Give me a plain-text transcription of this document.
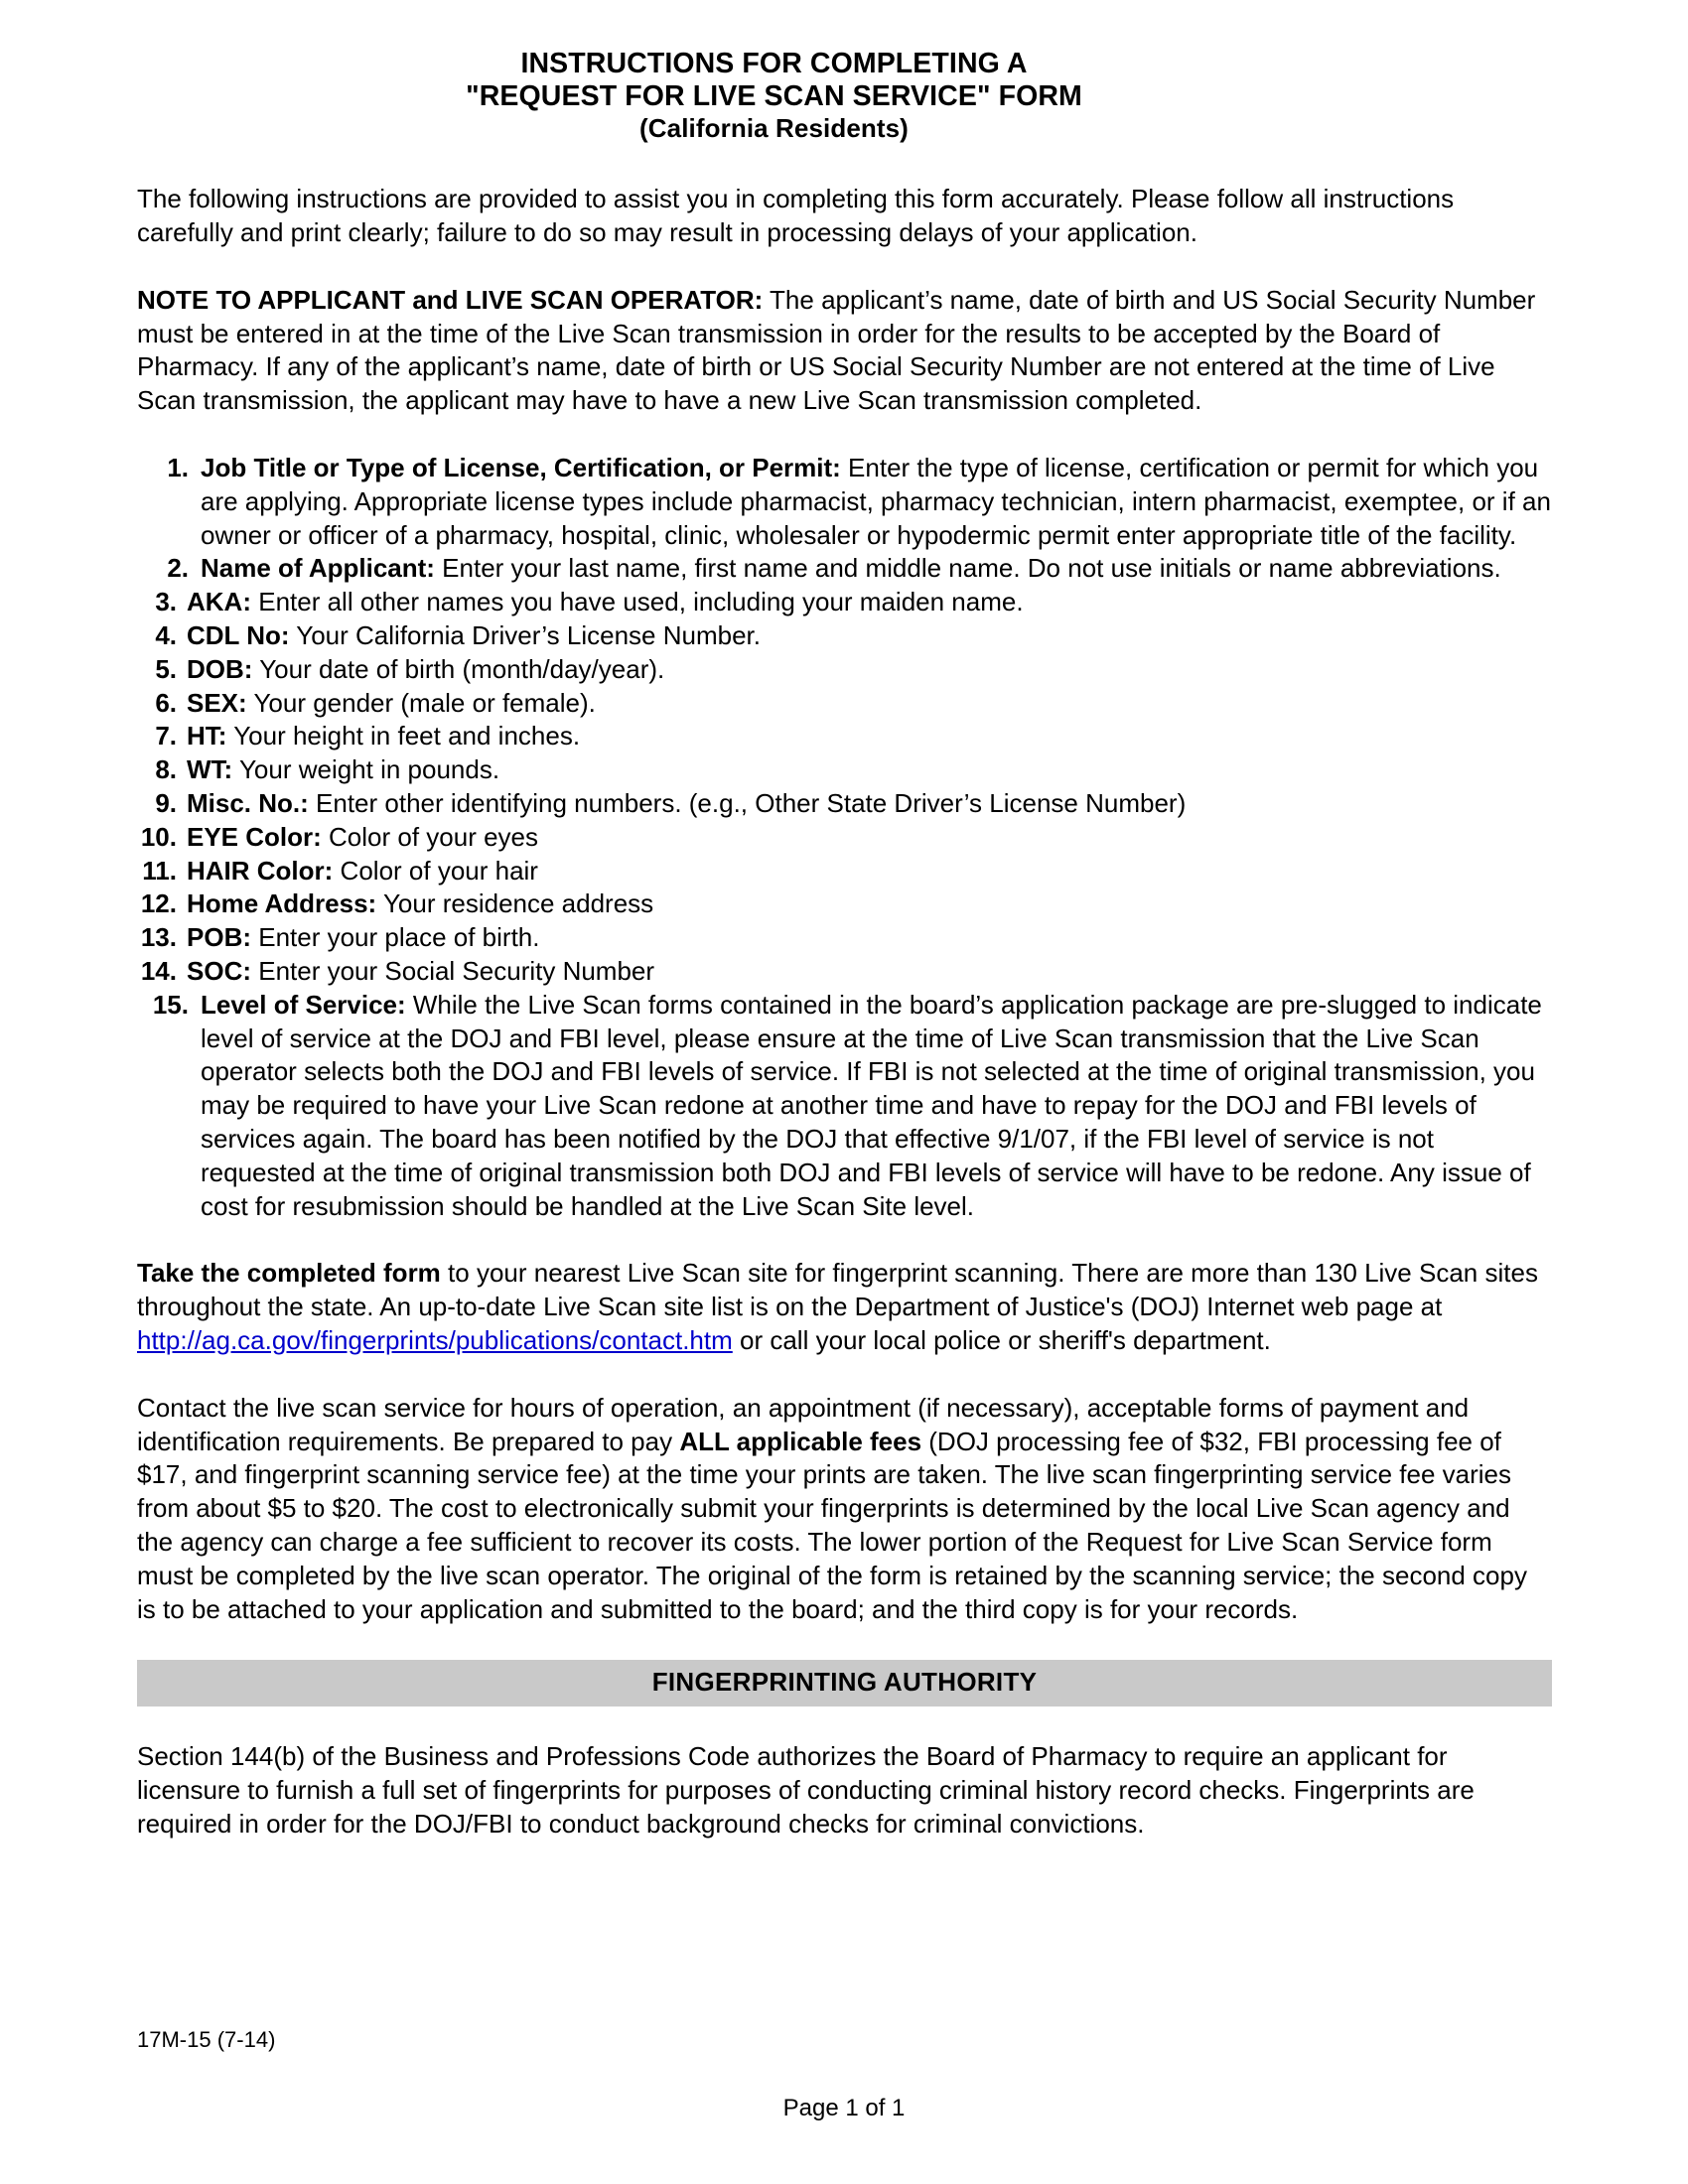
INSTRUCTIONS FOR COMPLETING A
"REQUEST FOR LIVE SCAN SERVICE" FORM
(California Residents)

The following instructions are provided to assist you in completing this form accurately. Please follow all instructions carefully and print clearly; failure to do so may result in processing delays of your application.

NOTE TO APPLICANT and LIVE SCAN OPERATOR: The applicant’s name, date of birth and US Social Security Number must be entered in at the time of the Live Scan transmission in order for the results to be accepted by the Board of Pharmacy. If any of the applicant’s name, date of birth or US Social Security Number are not entered at the time of Live Scan transmission, the applicant may have to have a new Live Scan transmission completed.

1. Job Title or Type of License, Certification, or Permit: Enter the type of license, certification or permit for which you are applying. Appropriate license types include pharmacist, pharmacy technician, intern pharmacist, exemptee, or if an owner or officer of a pharmacy, hospital, clinic, wholesaler or hypodermic permit enter appropriate title of the facility.
2. Name of Applicant: Enter your last name, first name and middle name. Do not use initials or name abbreviations.
3. AKA: Enter all other names you have used, including your maiden name.
4. CDL No: Your California Driver’s License Number.
5. DOB: Your date of birth (month/day/year).
6. SEX: Your gender (male or female).
7. HT: Your height in feet and inches.
8. WT: Your weight in pounds.
9. Misc. No.: Enter other identifying numbers. (e.g., Other State Driver’s License Number)
10. EYE Color: Color of your eyes
11. HAIR Color: Color of your hair
12. Home Address: Your residence address
13. POB: Enter your place of birth.
14. SOC: Enter your Social Security Number
15. Level of Service: While the Live Scan forms contained in the board’s application package are pre-slugged to indicate level of service at the DOJ and FBI level, please ensure at the time of Live Scan transmission that the Live Scan operator selects both the DOJ and FBI levels of service. If FBI is not selected at the time of original transmission, you may be required to have your Live Scan redone at another time and have to repay for the DOJ and FBI levels of services again. The board has been notified by the DOJ that effective 9/1/07, if the FBI level of service is not requested at the time of original transmission both DOJ and FBI levels of service will have to be redone. Any issue of cost for resubmission should be handled at the Live Scan Site level.

Take the completed form to your nearest Live Scan site for fingerprint scanning. There are more than 130 Live Scan sites throughout the state. An up-to-date Live Scan site list is on the Department of Justice's (DOJ) Internet web page at http://ag.ca.gov/fingerprints/publications/contact.htm or call your local police or sheriff's department.

Contact the live scan service for hours of operation, an appointment (if necessary), acceptable forms of payment and identification requirements. Be prepared to pay ALL applicable fees (DOJ processing fee of $32, FBI processing fee of $17, and fingerprint scanning service fee) at the time your prints are taken. The live scan fingerprinting service fee varies from about $5 to $20. The cost to electronically submit your fingerprints is determined by the local Live Scan agency and the agency can charge a fee sufficient to recover its costs. The lower portion of the Request for Live Scan Service form must be completed by the live scan operator. The original of the form is retained by the scanning service; the second copy is to be attached to your application and submitted to the board; and the third copy is for your records.

FINGERPRINTING AUTHORITY

Section 144(b) of the Business and Professions Code authorizes the Board of Pharmacy to require an applicant for licensure to furnish a full set of fingerprints for purposes of conducting criminal history record checks. Fingerprints are required in order for the DOJ/FBI to conduct background checks for criminal convictions.

17M-15 (7-14)
Page 1 of 1
